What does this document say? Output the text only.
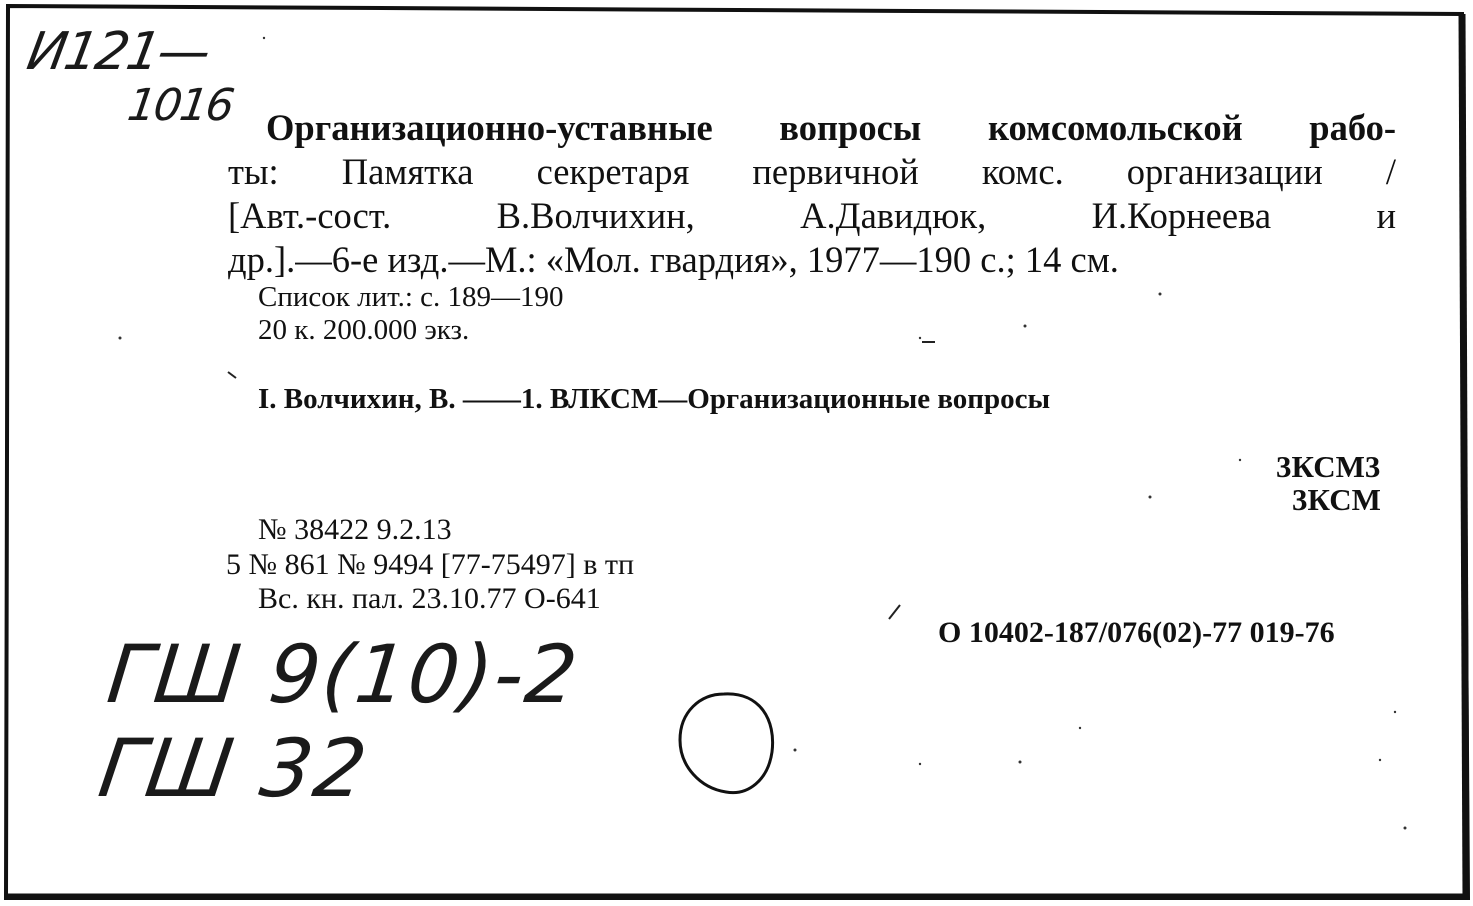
И121—
1016 Организационно-уставные вопросы комсомольской рабо-
ты: Памятка секретаря первичной комс. организации /
[Авт.-сост. В.Волчихин, А.Давидюк, И.Корнеева и
др.].—6-е изд.—М.: «Мол. гвардия», 1977—190 с.; 14 см.
Список лит.: с. 189—190
20 к. 200.000 экз.
I. Волчихин, В. ——1. ВЛКСМ—Организационные вопросы
3КСМ3
3КСМ
№ 38422 9.2.13
5 № 861 № 9494 [77-75497] в тп
Вс. кн. пал. 23.10.77 О-641
О 10402-187/076(02)-77 019-76
ГШ 9(10)-2
ГШ 32
